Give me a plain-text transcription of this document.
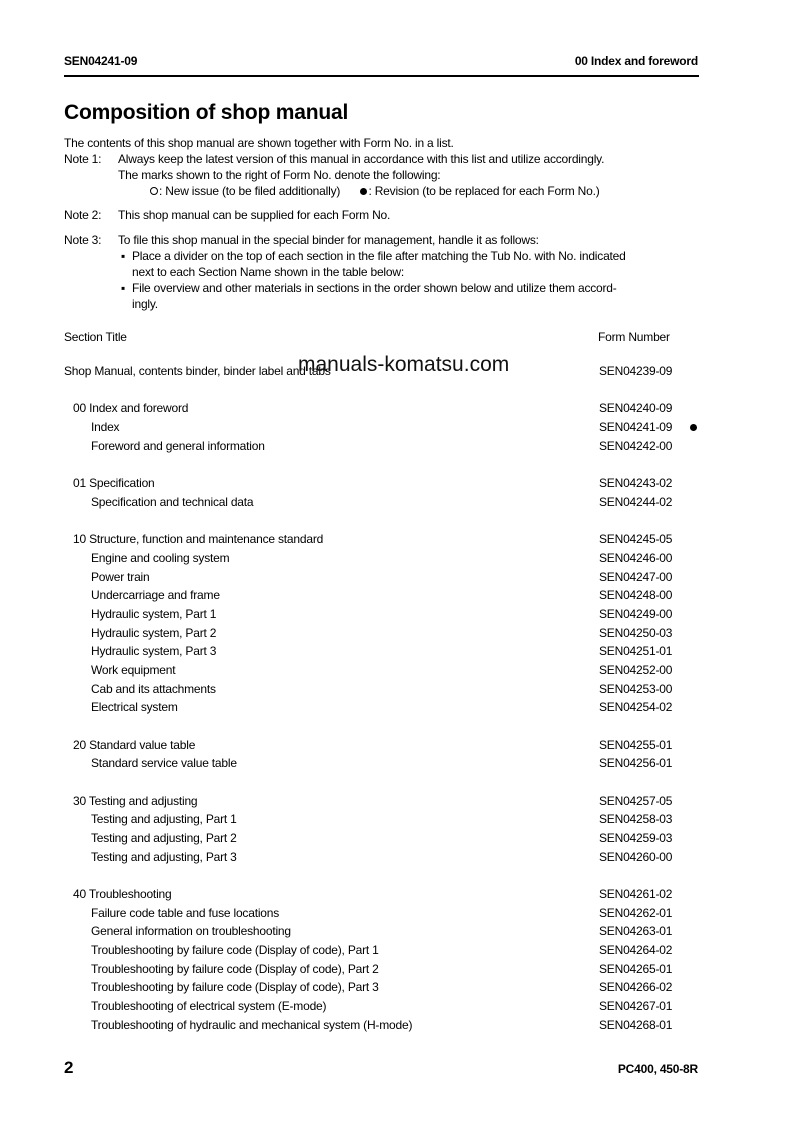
SEN04241-09	00 Index and foreword
Composition of shop manual
The contents of this shop manual are shown together with Form No. in a list.
Note 1: Always keep the latest version of this manual in accordance with this list and utilize accordingly.
The marks shown to the right of Form No. denote the following:
: New issue (to be filed additionally) : Revision (to be replaced for each Form No.)
Note 2: This shop manual can be supplied for each Form No.
Note 3: To file this shop manual in the special binder for management, handle it as follows:
▪ Place a divider on the top of each section in the file after matching the Tub No. with No. indicated
next to each Section Name shown in the table below:
▪ File overview and other materials in sections in the order shown below and utilize them accord-
ingly.
Section Title	Form Number
Shop Manual, contents binder, binder label and tabs	SEN04239-09
00 Index and foreword	SEN04240-09
Index	SEN04241-09
Foreword and general information	SEN04242-00
01 Specification	SEN04243-02
Specification and technical data	SEN04244-02
10 Structure, function and maintenance standard	SEN04245-05
Engine and cooling system	SEN04246-00
Power train	SEN04247-00
Undercarriage and frame	SEN04248-00
Hydraulic system, Part 1	SEN04249-00
Hydraulic system, Part 2	SEN04250-03
Hydraulic system, Part 3	SEN04251-01
Work equipment	SEN04252-00
Cab and its attachments	SEN04253-00
Electrical system	SEN04254-02
20 Standard value table	SEN04255-01
Standard service value table	SEN04256-01
30 Testing and adjusting	SEN04257-05
Testing and adjusting, Part 1	SEN04258-03
Testing and adjusting, Part 2	SEN04259-03
Testing and adjusting, Part 3	SEN04260-00
40 Troubleshooting	SEN04261-02
Failure code table and fuse locations	SEN04262-01
General information on troubleshooting	SEN04263-01
Troubleshooting by failure code (Display of code), Part 1	SEN04264-02
Troubleshooting by failure code (Display of code), Part 2	SEN04265-01
Troubleshooting by failure code (Display of code), Part 3	SEN04266-02
Troubleshooting of electrical system (E-mode)	SEN04267-01
Troubleshooting of hydraulic and mechanical system (H-mode)	SEN04268-01
manuals-komatsu.com
2	PC400, 450-8R
